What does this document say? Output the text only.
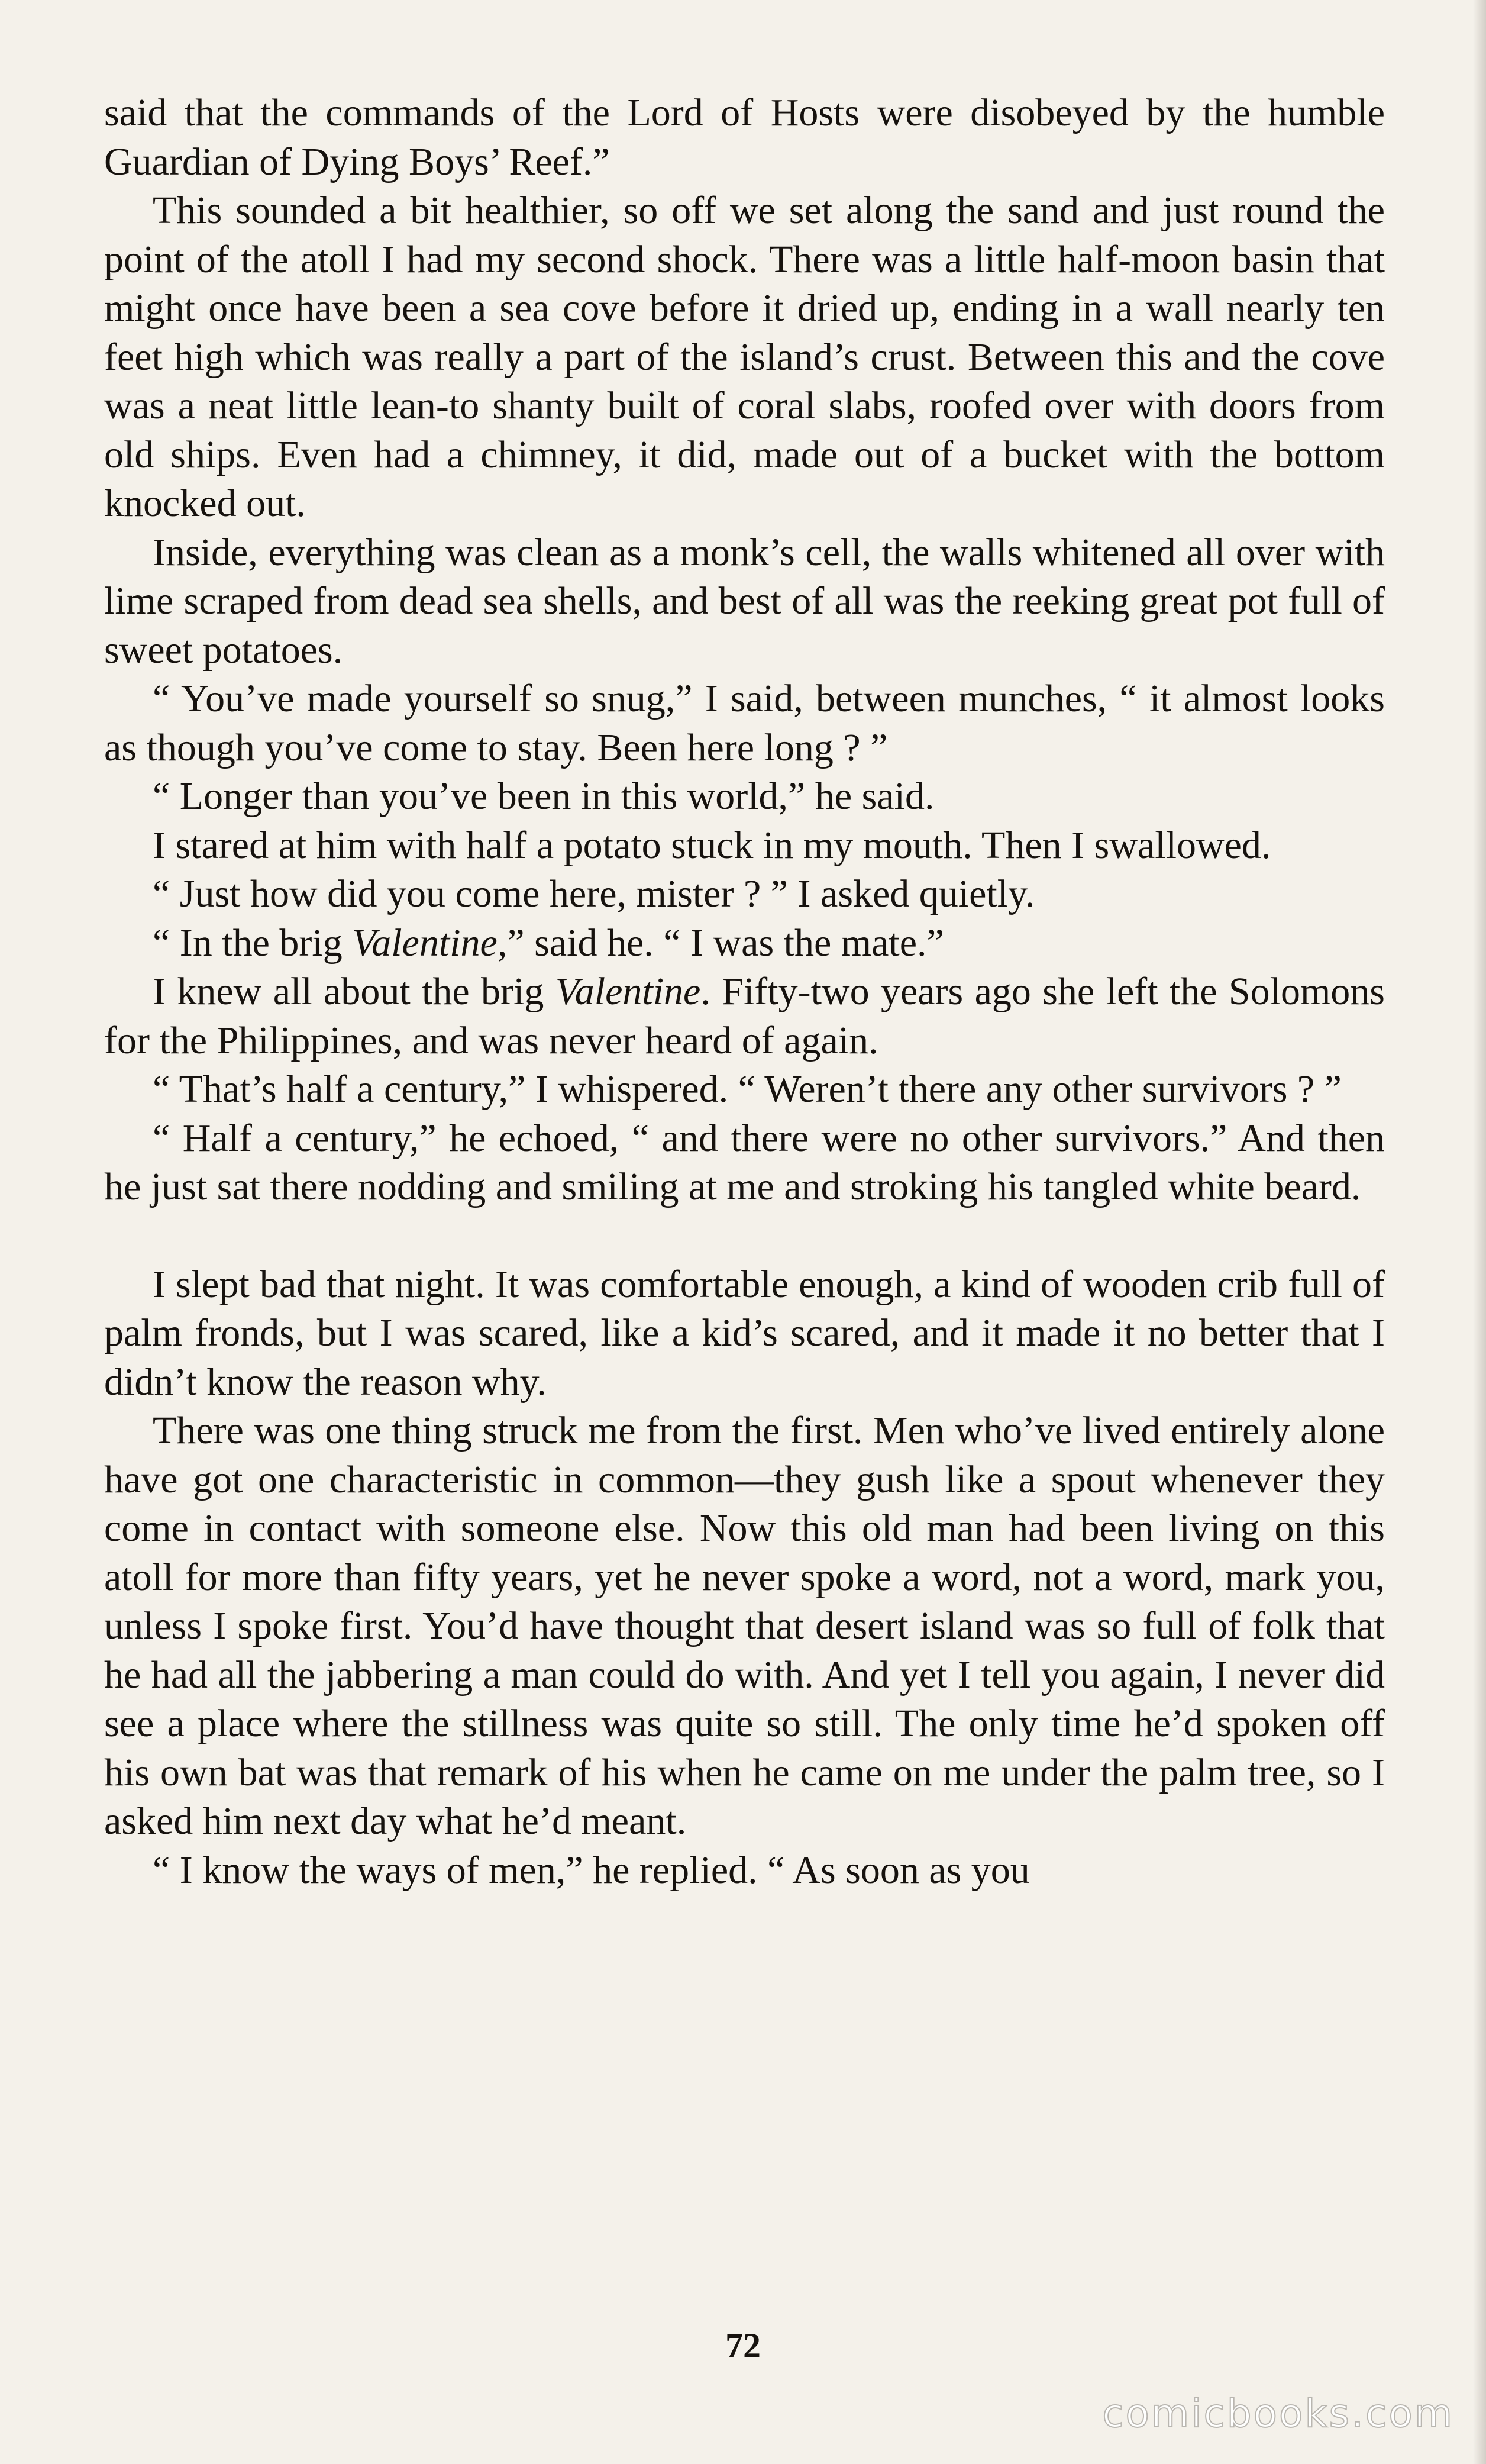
said that the commands of the Lord of Hosts were disobeyed by the humble Guardian of Dying Boys’ Reef.”

This sounded a bit healthier, so off we set along the sand and just round the point of the atoll I had my second shock. There was a little half-moon basin that might once have been a sea cove before it dried up, ending in a wall nearly ten feet high which was really a part of the island’s crust. Between this and the cove was a neat little lean-to shanty built of coral slabs, roofed over with doors from old ships. Even had a chimney, it did, made out of a bucket with the bottom knocked out.

Inside, everything was clean as a monk’s cell, the walls whitened all over with lime scraped from dead sea shells, and best of all was the reeking great pot full of sweet potatoes.

“ You’ve made yourself so snug,” I said, between munches, “ it almost looks as though you’ve come to stay. Been here long ? ”

“ Longer than you’ve been in this world,” he said.

I stared at him with half a potato stuck in my mouth. Then I swallowed.

“ Just how did you come here, mister ? ” I asked quietly.

“ In the brig Valentine,” said he. “ I was the mate.”

I knew all about the brig Valentine. Fifty-two years ago she left the Solomons for the Philippines, and was never heard of again.

“ That’s half a century,” I whispered. “ Weren’t there any other survivors ? ”

“ Half a century,” he echoed, “ and there were no other survivors.” And then he just sat there nodding and smiling at me and stroking his tangled white beard.

I slept bad that night. It was comfortable enough, a kind of wooden crib full of palm fronds, but I was scared, like a kid’s scared, and it made it no better that I didn’t know the reason why.

There was one thing struck me from the first. Men who’ve lived entirely alone have got one characteristic in common—they gush like a spout whenever they come in contact with someone else. Now this old man had been living on this atoll for more than fifty years, yet he never spoke a word, not a word, mark you, unless I spoke first. You’d have thought that desert island was so full of folk that he had all the jabbering a man could do with. And yet I tell you again, I never did see a place where the stillness was quite so still. The only time he’d spoken off his own bat was that remark of his when he came on me under the palm tree, so I asked him next day what he’d meant.

“ I know the ways of men,” he replied. “ As soon as you

72
comicbooks.com
